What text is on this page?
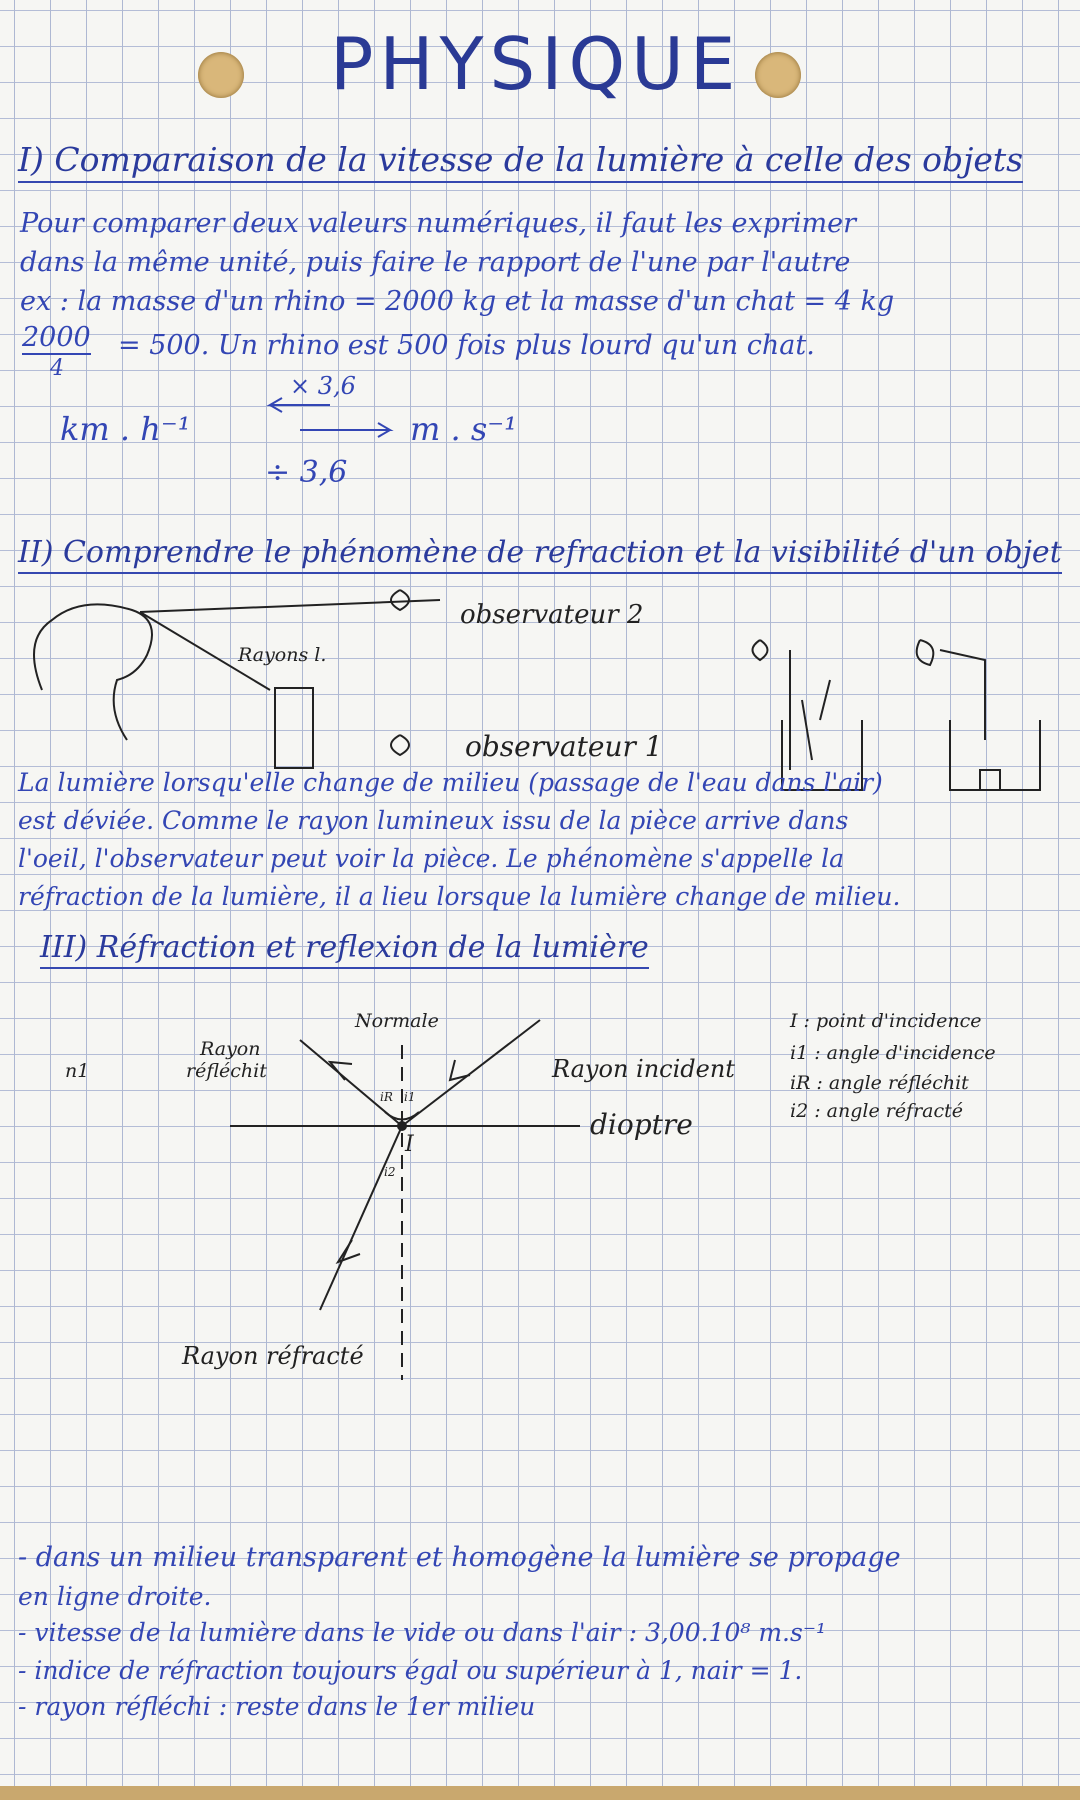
PHYSIQUE
I) Comparaison de la vitesse de la lumière à celle des objets
Pour comparer deux valeurs numériques, il faut les exprimer
dans la même unité, puis faire le rapport de l'une par l'autre
ex : la masse d'un rhino = 2000 kg et la masse d'un chat = 4 kg
2000
4
= 500. Un rhino est 500 fois plus lourd qu'un chat.
km . h⁻¹
× 3,6
m . s⁻¹
÷ 3,6
II) Comprendre le phénomène de refraction et la visibilité d'un objet
Rayons l.
observateur 2
observateur 1
La lumière lorsqu'elle change de milieu (passage de l'eau dans l'air)
est déviée. Comme le rayon lumineux issu de la pièce arrive dans
l'oeil, l'observateur peut voir la pièce. Le phénomène s'appelle la
réfraction de la lumière, il a lieu lorsque la lumière change de milieu.
III) Réfraction et reflexion de la lumière
n1
Normale
Rayon
réfléchit	Rayon incident
dioptre
I
iR i1
i2
Rayon réfracté
I : point d'incidence
i1 : angle d'incidence
iR : angle réfléchit
i2 : angle réfracté
- dans un milieu transparent et homogène la lumière se propage
en ligne droite.
- vitesse de la lumière dans le vide ou dans l'air : 3,00.10⁸ m.s⁻¹
- indice de réfraction toujours égal ou supérieur à 1, nair = 1.
- rayon réfléchi : reste dans le 1er milieu
